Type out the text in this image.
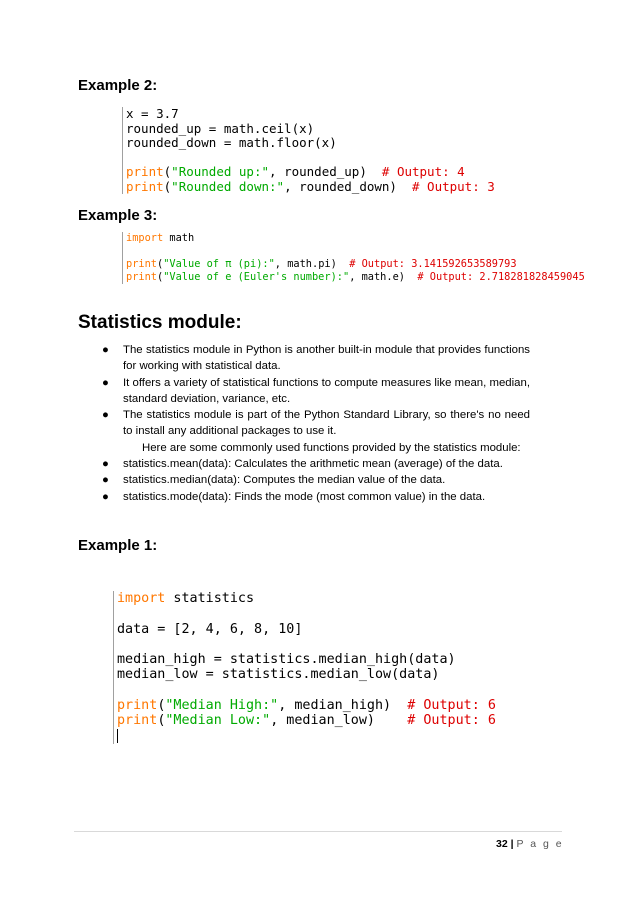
Example 2:
x = 3.7
rounded_up = math.ceil(x)
rounded_down = math.floor(x)

print("Rounded up:", rounded_up)  # Output: 4
print("Rounded down:", rounded_down)  # Output: 3
Example 3:
import math

print("Value of π (pi):", math.pi)  # Output: 3.141592653589793
print("Value of e (Euler's number):", math.e)  # Output: 2.718281828459045
Statistics module:
● The statistics module in Python is another built-in module that provides functions for working with statistical data.
● It offers a variety of statistical functions to compute measures like mean, median, standard deviation, variance, etc.
● The statistics module is part of the Python Standard Library, so there's no need to install any additional packages to use it.
Here are some commonly used functions provided by the statistics module:
● statistics.mean(data): Calculates the arithmetic mean (average) of the data.
● statistics.median(data): Computes the median value of the data.
● statistics.mode(data): Finds the mode (most common value) in the data.
Example 1:
import statistics

data = [2, 4, 6, 8, 10]

median_high = statistics.median_high(data)
median_low = statistics.median_low(data)

print("Median High:", median_high)  # Output: 6
print("Median Low:", median_low)    # Output: 6
32 | P a g e
